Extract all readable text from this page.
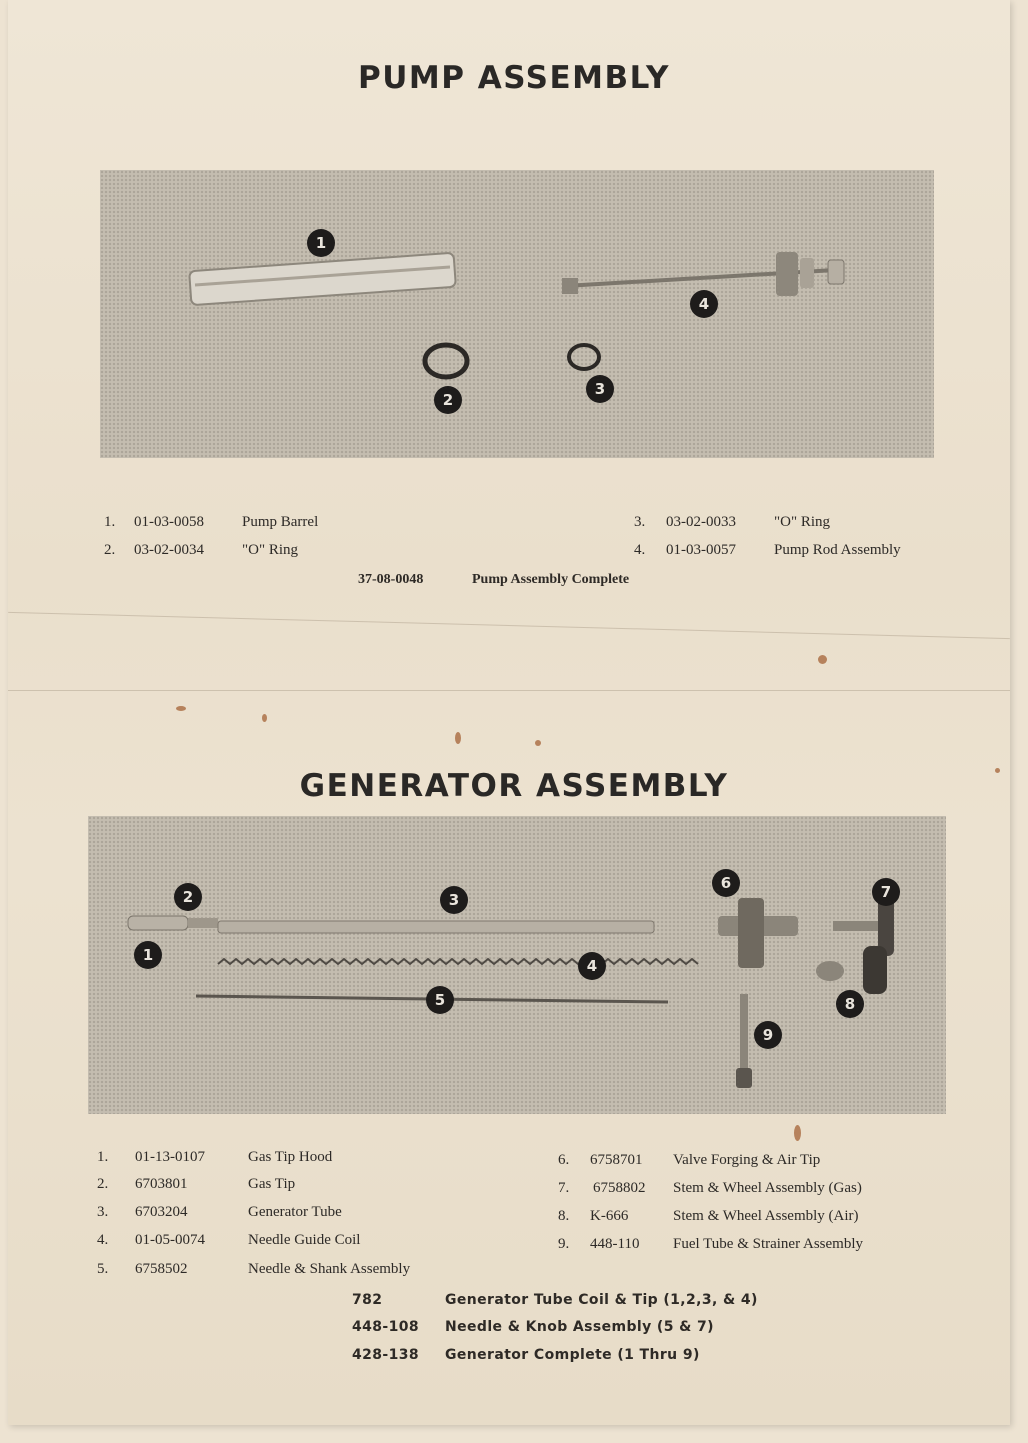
PUMP ASSEMBLY
1
4
2
3
1. 01-03-0058	Pump Barrel
2. 03-02-0034	"O" Ring
3. 03-02-0033	"O" Ring
4. 01-03-0057	Pump Rod Assembly
37-08-0048	Pump Assembly Complete
GENERATOR ASSEMBLY
2
1
3
4
5
6	7
8
9
1. 01-13-0107	Gas Tip Hood
2. 6703801	Gas Tip
3. 6703204	Generator Tube
4. 01-05-0074	Needle Guide Coil
5. 6758502	Needle & Shank Assembly
6. 6758701 Valve Forging & Air Tip
7. 6758802 Stem & Wheel Assembly (Gas)
8. K-666	Stem & Wheel Assembly (Air)
9. 448-110 Fuel Tube & Strainer Assembly
782	Generator Tube Coil & Tip (1,2,3, & 4)
448-108 Needle & Knob Assembly (5 & 7)
428-138 Generator Complete (1 Thru 9)
